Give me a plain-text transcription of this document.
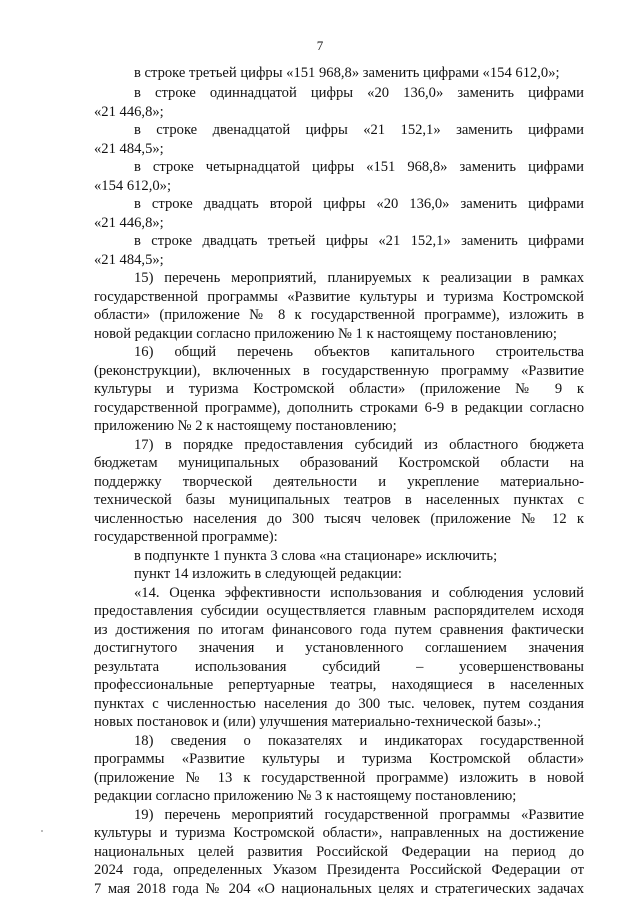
7
в строке третьей цифры «151 968,8» заменить цифрами «154 612,0»;
в строке одиннадцатой цифры «20 136,0» заменить цифрами
«21 446,8»;
в строке двенадцатой цифры «21 152,1» заменить цифрами
«21 484,5»;
в строке четырнадцатой цифры «151 968,8» заменить цифрами
«154 612,0»;
в строке двадцать второй цифры «20 136,0» заменить цифрами
«21 446,8»;
в строке двадцать третьей цифры «21 152,1» заменить цифрами
«21 484,5»;
15) перечень мероприятий, планируемых к реализации в рамках
государственной программы «Развитие культуры и туризма Костромской
области» (приложение № 8 к государственной программе), изложить в
новой редакции согласно приложению № 1 к настоящему постановлению;
16) общий перечень объектов капитального строительства
(реконструкции), включенных в государственную программу «Развитие
культуры и туризма Костромской области» (приложение № 9 к
государственной программе), дополнить строками 6-9 в редакции согласно
приложению № 2 к настоящему постановлению;
17) в порядке предоставления субсидий из областного бюджета
бюджетам муниципальных образований Костромской области на
поддержку творческой деятельности и укрепление материально-
технической базы муниципальных театров в населенных пунктах с
численностью населения до 300 тысяч человек (приложение № 12 к
государственной программе):
в подпункте 1 пункта 3 слова «на стационаре» исключить;
пункт 14 изложить в следующей редакции:
«14. Оценка эффективности использования и соблюдения условий
предоставления субсидии осуществляется главным распорядителем исходя
из достижения по итогам финансового года путем сравнения фактически
достигнутого значения и установленного соглашением значения
результата использования субсидий – усовершенствованы
профессиональные репертуарные театры, находящиеся в населенных
пунктах с численностью населения до 300 тыс. человек, путем создания
новых постановок и (или) улучшения материально-технической базы».;
18) сведения о показателях и индикаторах государственной
программы «Развитие культуры и туризма Костромской области»
(приложение № 13 к государственной программе) изложить в новой
редакции согласно приложению № 3 к настоящему постановлению;
19) перечень мероприятий государственной программы «Развитие
культуры и туризма Костромской области», направленных на достижение
национальных целей развития Российской Федерации на период до
2024 года, определенных Указом Президента Российской Федерации от
7 мая 2018 года № 204 «О национальных целях и стратегических задачах
